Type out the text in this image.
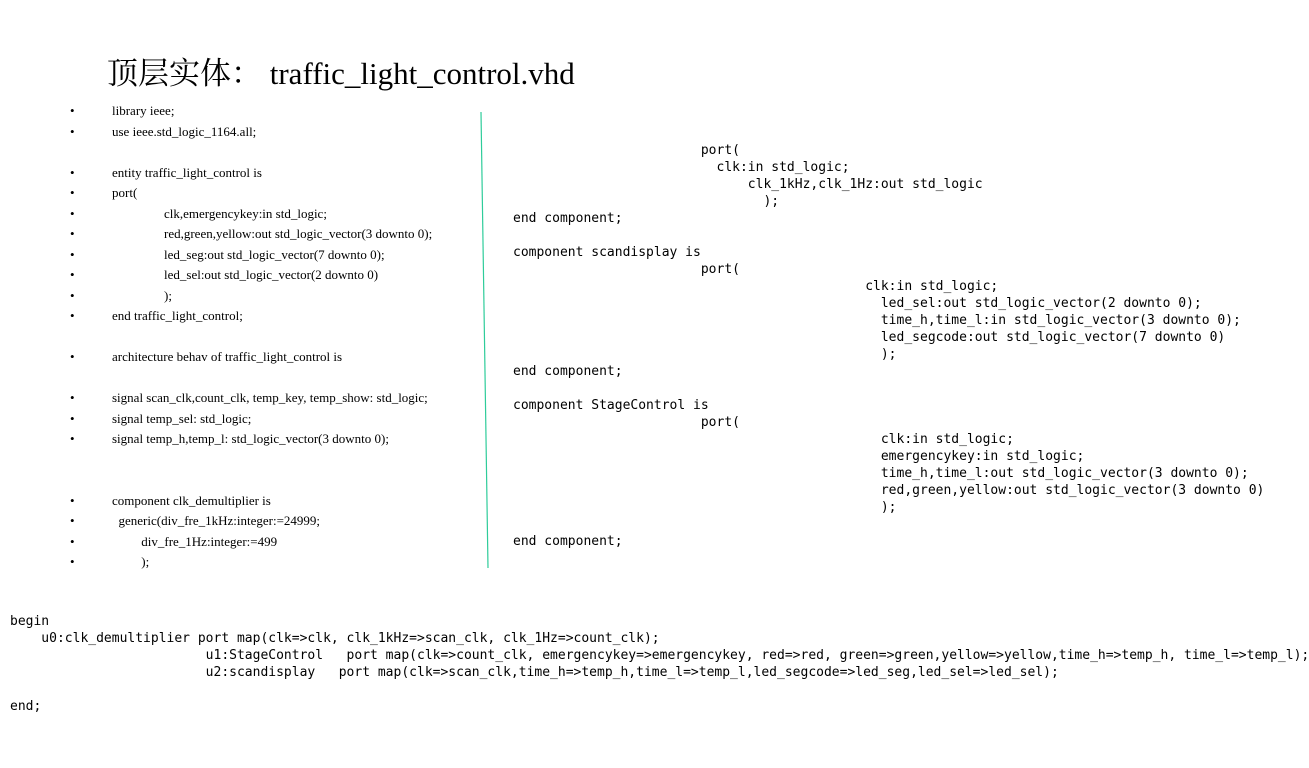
顶层实体： traffic_light_control.vhd
•	library ieee;
•	use ieee.std_logic_1164.all;
•	entity traffic_light_control is
•	port(
•	clk,emergencykey:in std_logic;
•	red,green,yellow:out std_logic_vector(3 downto 0);
•	led_seg:out std_logic_vector(7 downto 0);
•	led_sel:out std_logic_vector(2 downto 0)
•	);
•	end traffic_light_control;
•	architecture behav of traffic_light_control is
•	signal scan_clk,count_clk, temp_key, temp_show: std_logic;
•	signal temp_sel: std_logic;
•	signal temp_h,temp_l: std_logic_vector(3 downto 0);
•	component clk_demultiplier is
•	generic(div_fre_1kHz:integer:=24999;
•	div_fre_1Hz:integer:=499
•	);
port(
clk:in std_logic;
clk_1kHz,clk_1Hz:out std_logic
);
end component;

component scandisplay is
port(
clk:in std_logic;
led_sel:out std_logic_vector(2 downto 0);
time_h,time_l:in std_logic_vector(3 downto 0);
led_segcode:out std_logic_vector(7 downto 0)
);
end component;

component StageControl is
port(
clk:in std_logic;
emergencykey:in std_logic;
time_h,time_l:out std_logic_vector(3 downto 0);
red,green,yellow:out std_logic_vector(3 downto 0)
);

end component;
begin
u0:clk_demultiplier port map(clk=>clk, clk_1kHz=>scan_clk, clk_1Hz=>count_clk);
u1:StageControl   port map(clk=>count_clk, emergencykey=>emergencykey, red=>red, green=>green,yellow=>yellow,time_h=>temp_h, time_l=>temp_l);
u2:scandisplay   port map(clk=>scan_clk,time_h=>temp_h,time_l=>temp_l,led_segcode=>led_seg,led_sel=>led_sel);

end;
